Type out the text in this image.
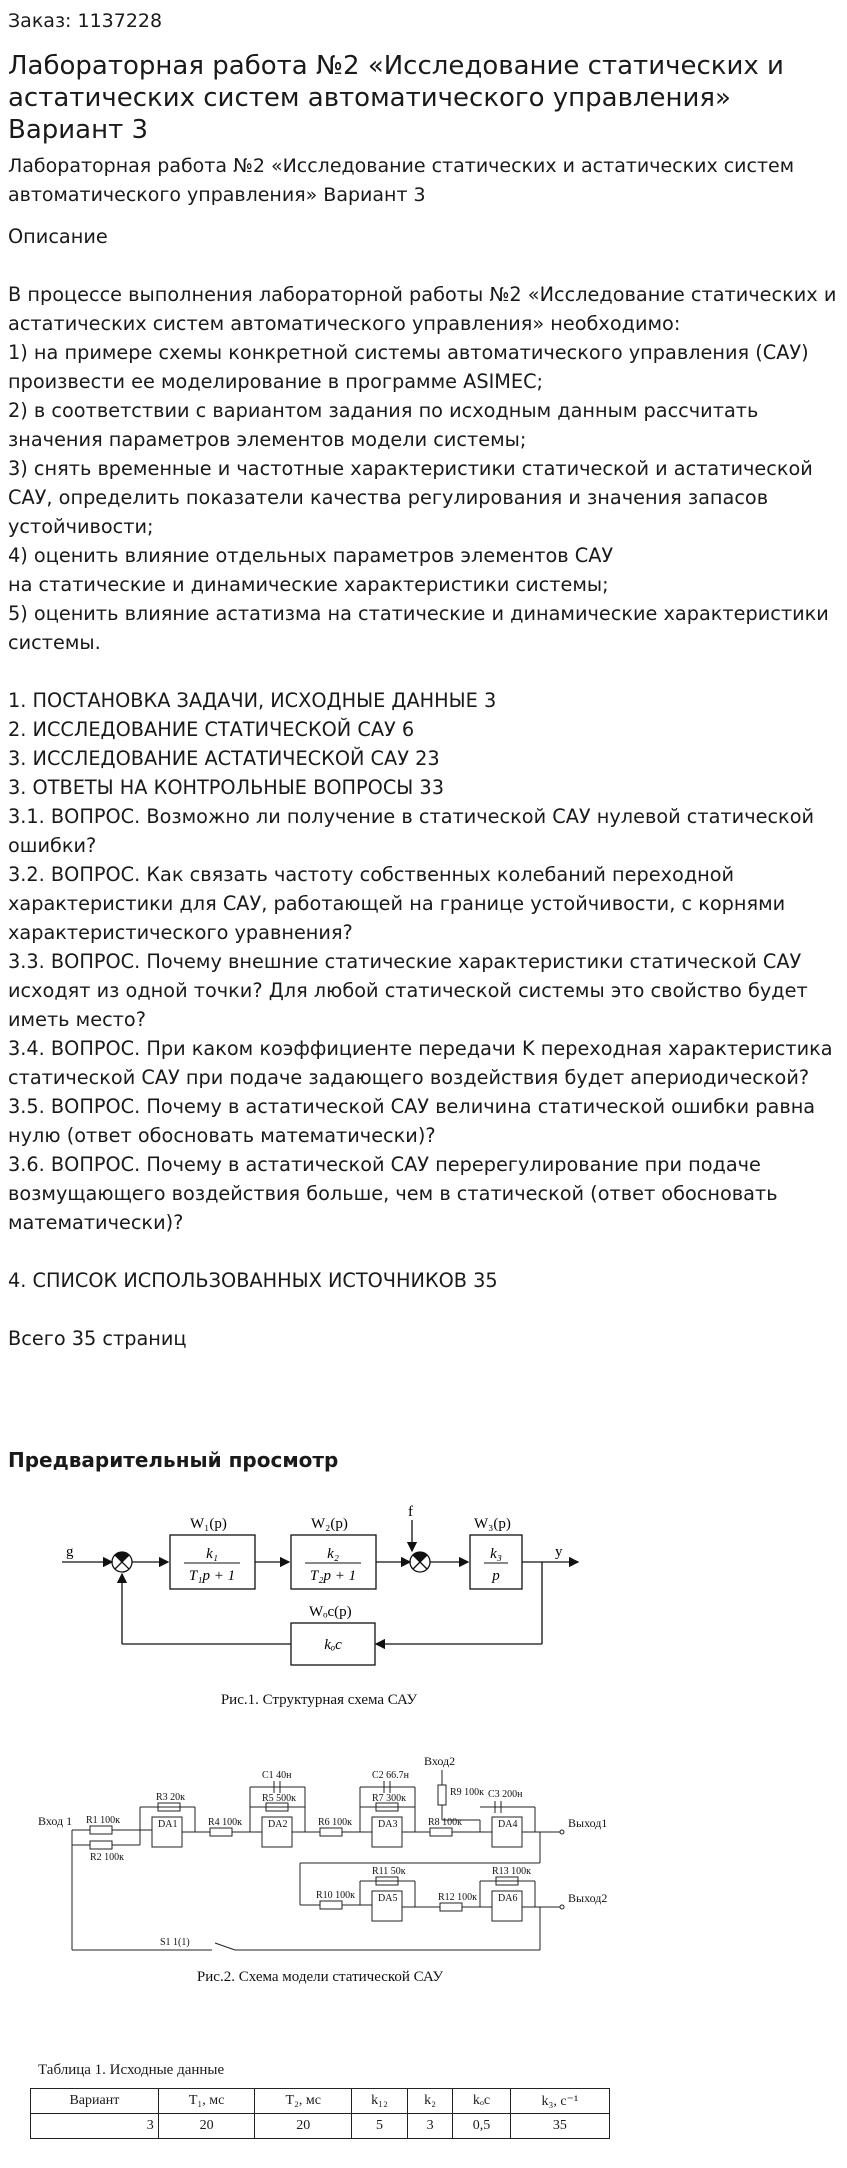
Заказ: 1137228
Лабораторная работа №2 «Исследование статических и астатических систем автоматического управления» Вариант 3
Лабораторная работа №2 «Исследование статических и астатических систем автоматического управления» Вариант 3

Описание

В процессе выполнения лабораторной работы №2 «Исследование статических и астатических систем автоматического управления» необходимо:

1) на примере схемы конкретной системы автоматического управления (САУ) произвести ее моделирование в программе ASIMEC;

2) в соответствии с вариантом задания по исходным данным рассчитать значения параметров элементов модели системы;

3) снять временные и частотные характеристики статической и астатической САУ, определить показатели качества регулирования и значения запасов устойчивости;

4) оценить влияние отдельных параметров элементов САУ

на статические и динамические характеристики системы;

5) оценить влияние астатизма на статические и динамические характеристики системы.

1. ПОСТАНОВКА ЗАДАЧИ, ИСХОДНЫЕ ДАННЫЕ 3

2. ИССЛЕДОВАНИЕ СТАТИЧЕСКОЙ САУ 6

3. ИССЛЕДОВАНИЕ АСТАТИЧЕСКОЙ САУ 23

3. ОТВЕТЫ НА КОНТРОЛЬНЫЕ ВОПРОСЫ 33

3.1. ВОПРОС. Возможно ли получение в статической САУ нулевой статической ошибки?

3.2. ВОПРОС. Как связать частоту собственных колебаний переходной характеристики для САУ, работающей на границе устойчивости, с корнями характеристического уравнения?

3.3. ВОПРОС. Почему внешние статические характеристики статической САУ исходят из одной точки? Для любой статической системы это свойство будет иметь место?

3.4. ВОПРОС. При каком коэффициенте передачи K переходная характеристика статической САУ при подаче задающего воздействия будет апериодической?

3.5. ВОПРОС. Почему в астатической САУ величина статической ошибки равна нулю (ответ обосновать математически)?

3.6. ВОПРОС. Почему в астатической САУ перерегулирование при подаче возмущающего воздействия больше, чем в статической (ответ обосновать математически)?

4. СПИСОК ИСПОЛЬЗОВАННЫХ ИСТОЧНИКОВ 35

Всего 35 страниц

Предварительный просмотр
g
f
y
W₁(p)	W₂(p)	W₃(p)
Wₒc(p)
k₁
T₁p + 1
k₂
T₂p + 1
k₃
p
kₒc
Рис.1. Структурная схема САУ
Вход 1
Вход2
Выход1
Выход2
R1 100к
R2 100к
R3 20к
R4 100к
R5 500к
R6 100к
R7 300к
R8 100к
R9 100к
R10 100к
R11 50к
R12 100к
R13 100к
C1 40н	C2 66.7н
C3 200н
DA1	DA2	DA3	DA4
DA5	DA6
S1 1(1)
Рис.2. Схема модели статической САУ
Таблица 1. Исходные данные
Вариант	T₁, мс	T₂, мс	k₁₂	k₂	kₒc	k₃, c⁻¹
3	20	20	5	3	0,5	35
